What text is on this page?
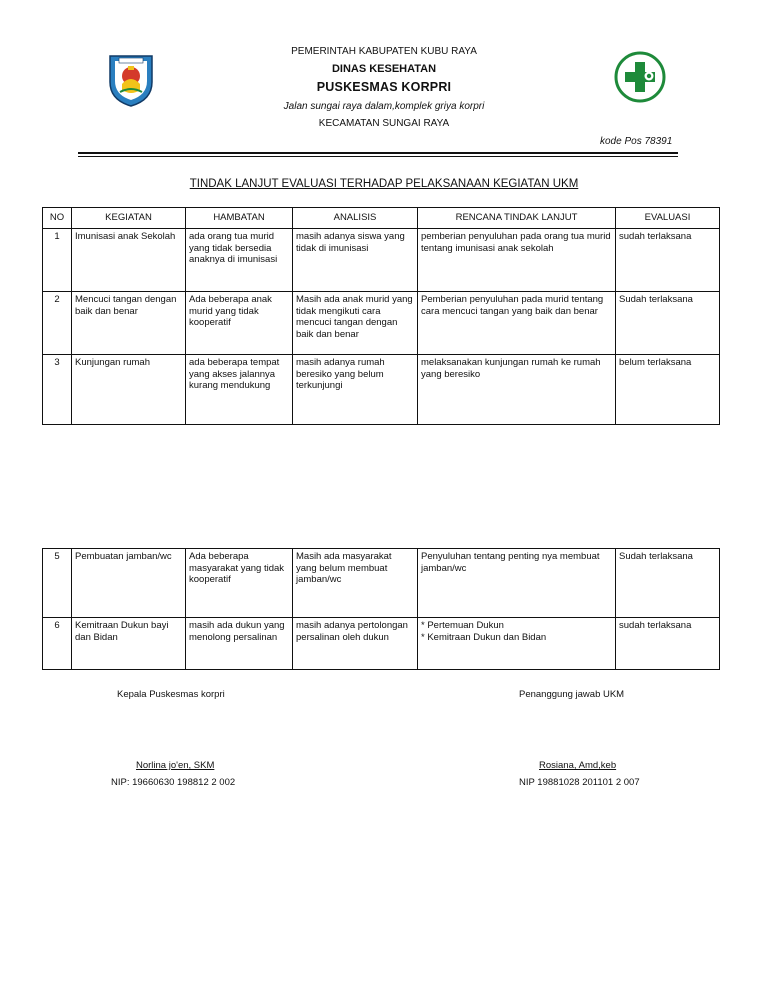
PEMERINTAH KABUPATEN KUBU RAYA
DINAS KESEHATAN
PUSKESMAS KORPRI
Jalan sungai raya dalam,komplek griya korpri
KECAMATAN SUNGAI RAYA
kode Pos 78391
TINDAK LANJUT EVALUASI TERHADAP PELAKSANAAN KEGIATAN UKM
NO	KEGIATAN	HAMBATAN	ANALISIS	RENCANA TINDAK LANJUT	EVALUASI
1	Imunisasi anak Sekolah	ada orang tua murid yang tidak bersedia anaknya di imunisasi	masih adanya siswa yang tidak di imunisasi	pemberian penyuluhan pada orang tua murid tentang imunisasi anak sekolah	sudah terlaksana
2	Mencuci tangan dengan baik dan benar	Ada beberapa anak murid yang tidak kooperatif	Masih ada anak murid yang tidak mengikuti cara mencuci tangan dengan baik dan benar	Pemberian penyuluhan pada murid tentang cara mencuci tangan yang baik dan benar	Sudah terlaksana
3	Kunjungan rumah	ada beberapa tempat yang akses jalannya kurang mendukung	masih adanya rumah beresiko yang belum terkunjungi	melaksanakan kunjungan rumah ke rumah yang beresiko	belum terlaksana
5	Pembuatan jamban/wc	Ada beberapa masyarakat yang tidak kooperatif	Masih ada masyarakat yang belum membuat jamban/wc	Penyuluhan tentang penting nya membuat jamban/wc	Sudah terlaksana
6	Kemitraan Dukun bayi dan Bidan	masih ada dukun yang menolong persalinan	masih adanya pertolongan persalinan oleh dukun	* Pertemuan Dukun
* Kemitraan Dukun dan Bidan	sudah terlaksana
Kepala Puskesmas korpri
Norlina jo'en, SKM
NIP: 19660630 198812 2 002
Penanggung jawab UKM
Rosiana, Amd,keb
NIP 19881028 201101 2 007
